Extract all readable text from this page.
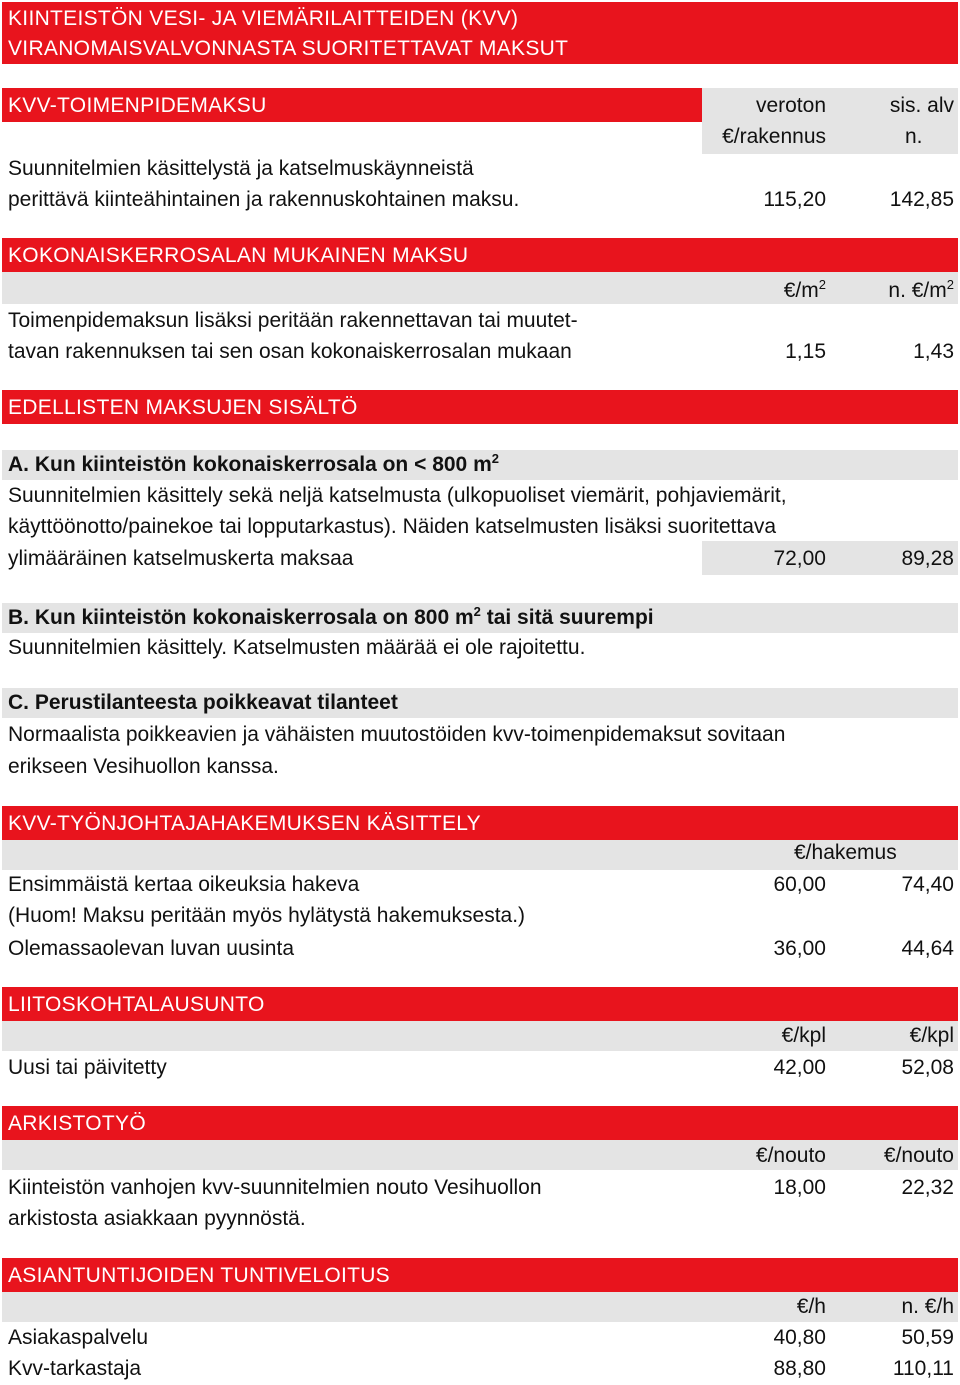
KIINTEISTÖN VESI- JA VIEMÄRILAITTEIDEN (KVV)
VIRANOMAISVALVONNASTA SUORITETTAVAT MAKSUT
KVV-TOIMENPIDEMAKSU	veroton	sis. alv
€/rakennus	n.
Suunnitelmien käsittelystä ja katselmuskäynneistä
perittävä kiinteähintainen ja rakennuskohtainen maksu.	115,20	142,85
KOKONAISKERROSALAN MUKAINEN MAKSU
$€/m^2$	n. $€/m^2$
Toimenpidemaksun lisäksi peritään rakennettavan tai muutet-
tavan rakennuksen tai sen osan kokonaiskerrosalan mukaan	1,15	1,43
EDELLISTEN MAKSUJEN SISÄLTÖ
A. Kun kiinteistön kokonaiskerrosala on < 800 $m^2$
Suunnitelmien käsittely sekä neljä katselmusta (ulkopuoliset viemärit, pohjaviemärit,
käyttöönotto/painekoe tai lopputarkastus). Näiden katselmusten lisäksi suoritettava
ylimääräinen katselmuskerta maksaa	72,00	89,28
B. Kun kiinteistön kokonaiskerrosala on 800 $m^2$ tai sitä suurempi
Suunnitelmien käsittely. Katselmusten määrää ei ole rajoitettu.
C. Perustilanteesta poikkeavat tilanteet
Normaalista poikkeavien ja vähäisten muutostöiden kvv-toimenpidemaksut sovitaan
erikseen Vesihuollon kanssa.
KVV-TYÖNJOHTAJAHAKEMUKSEN KÄSITTELY
€/hakemus
Ensimmäistä kertaa oikeuksia hakeva	60,00	74,40
(Huom! Maksu peritään myös hylätystä hakemuksesta.)
Olemassaolevan luvan uusinta	36,00	44,64
LIITOSKOHTALAUSUNTO
€/kpl	€/kpl
Uusi tai päivitetty	42,00	52,08
ARKISTOTYÖ
€/nouto	€/nouto
Kiinteistön vanhojen kvv-suunnitelmien nouto Vesihuollon	18,00	22,32
arkistosta asiakkaan pyynnöstä.
ASIANTUNTIJOIDEN TUNTIVELOITUS
€/h	n. €/h
Asiakaspalvelu	40,80	50,59
Kvv-tarkastaja	88,80	110,11
